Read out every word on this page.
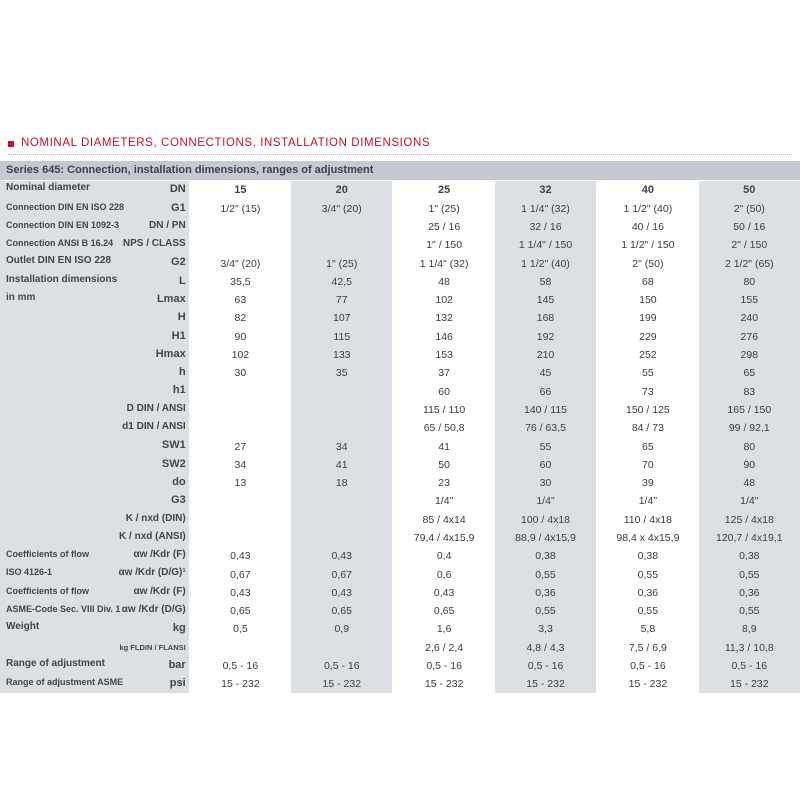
NOMINAL DIAMETERS, CONNECTIONS, INSTALLATION DIMENSIONS
Series 645: Connection, installation dimensions, ranges of adjustment
Nominal diameter DN	15	20	25	32	40	50

Connection DIN EN ISO 228 G1	1/2" (15)	3/4" (20)	1" (25)	1 1/4" (32)	1 1/2" (40)	2" (50)

Connection DIN EN 1092-3 DN / PN			25 / 16	32 / 16	40 / 16	50 / 16

Connection ANSI B 16.24 NPS / CLASS			1" / 150	1 1/4" / 150	1 1/2" / 150	2" / 150

Outlet DIN EN ISO 228 G2	3/4" (20)	1" (25)	1 1/4" (32)	1 1/2" (40)	2" (50)	2 1/2" (65)

Installation dimensions L	35,5	42,5	48	58	68	80

in mm Lmax	63	77	102	145	150	155

H	82	107	132	168	199	240

H1	90	115	146	192	229	276

Hmax	102	133	153	210	252	298

h	30	35	37	45	55	65

h1			60	66	73	83

D DIN / ANSI			115 / 110	140 / 115	150 / 125	165 / 150

d1 DIN / ANSI			65 / 50,8	76 / 63,5	84 / 73	99 / 92,1

SW1	27	34	41	55	65	80

SW2	34	41	50	60	70	90

do	13	18	23	30	39	48

G3			1/4"	1/4"	1/4"	1/4"

K / nxd (DIN)			85 / 4x14	100 / 4x18	110 / 4x18	125 / 4x18

K / nxd (ANSI)			79,4 / 4x15,9	88,9 / 4x15,9	98,4 x 4x15,9	120,7 / 4x19,1

Coefficients of flow αw /Kdr (F)	0,43	0,43	0,4	0,38	0,38	0,38

ISO 4126-1 αw /Kdr (D/G)¹	0,67	0,67	0,6	0,55	0,55	0,55

Coefficients of flow αw /Kdr (F)	0,43	0,43	0,43	0,36	0,36	0,36

ASME-Code Sec. VIII Div. 1 αw /Kdr (D/G)	0,65	0,65	0,65	0,55	0,55	0,55

Weight kg	0,5	0,9	1,6	3,3	5,8	8,9

kg FLDIN / FLANSI			2,6 / 2,4	4,8 / 4,3	7,5 / 6,9	11,3 / 10,8

Range of adjustment bar	0,5 - 16	0,5 - 16	0,5 - 16	0,5 - 16	0,5 - 16	0,5 - 16

Range of adjustment ASME psi	15 - 232	15 - 232	15 - 232	15 - 232	15 - 232	15 - 232
